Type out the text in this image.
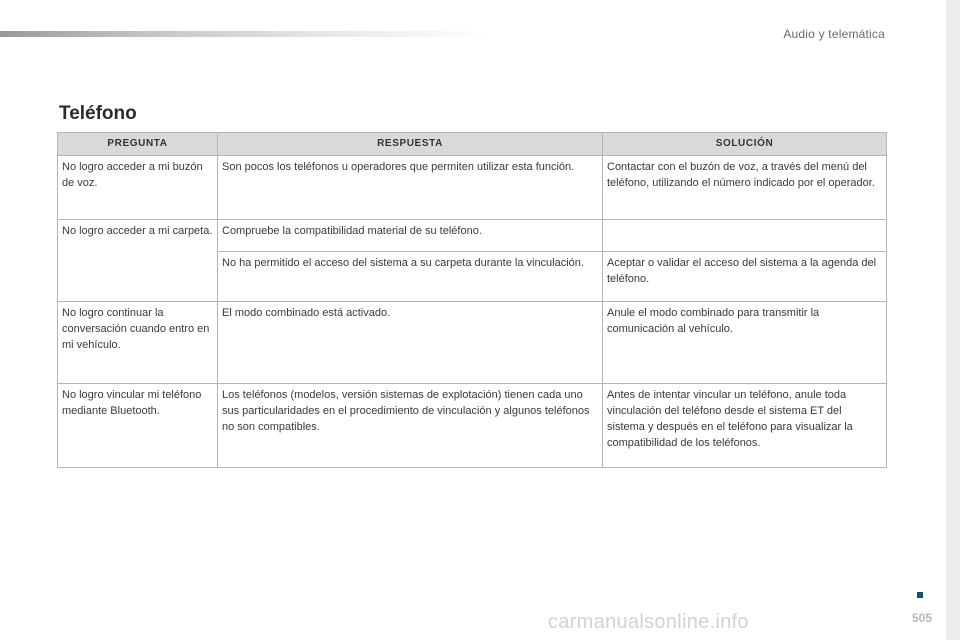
Audio y telemática
Teléfono
PREGUNTA	RESPUESTA	SOLUCIÓN
No logro acceder a mi buzón de voz.	Son pocos los teléfonos u operadores que permiten utilizar esta función.	Contactar con el buzón de voz, a través del menú del teléfono, utilizando el número indicado por el operador.
No logro acceder a mi carpeta.	Compruebe la compatibilidad material de su teléfono.	
	No ha permitido el acceso del sistema a su carpeta durante la vinculación.	Aceptar o validar el acceso del sistema a la agenda del teléfono.
No logro continuar la conversación cuando entro en mi vehículo.	El modo combinado está activado.	Anule el modo combinado para transmitir la comunicación al vehículo.
No logro vincular mi teléfono mediante Bluetooth.	Los teléfonos (modelos, versión sistemas de explotación) tienen cada uno sus particularidades en el procedimiento de vinculación y algunos teléfonos no son compatibles.	Antes de intentar vincular un teléfono, anule toda vinculación del teléfono desde el sistema ET del sistema y después en el teléfono para visualizar la compatibilidad de los teléfonos.
505
carmanualsonline.info
